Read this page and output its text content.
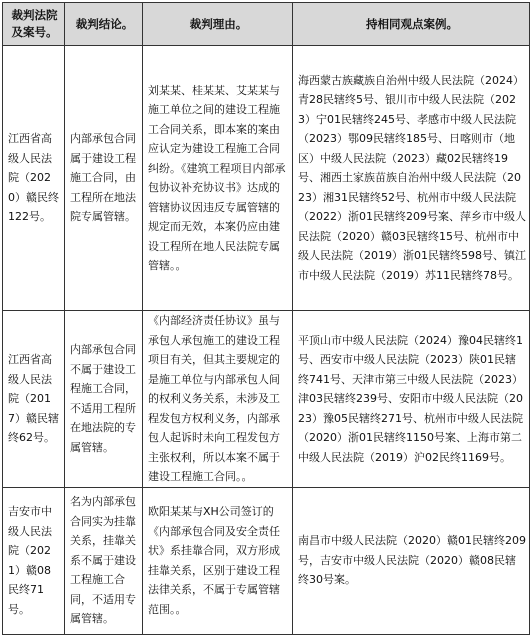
裁判法院及案号。	裁判结论。	裁判理由。	持相同观点案例。
江西省高级人民法院（2020）赣民终122号。	内部承包合同属于建设工程施工合同，由工程所在地法院专属管辖。	刘某某、桂某某、艾某某与施工单位之间的建设工程施工合同关系，即本案的案由应认定为建设工程施工合同纠纷。《建筑工程项目内部承包协议补充协议书》达成的管辖协议因违反专属管辖的规定而无效，本案仍应由建设工程所在地人民法院专属管辖。。	海西蒙古族藏族自治州中级人民法院（2024）青28民辖终5号、银川市中级人民法院（2023）宁01民辖终245号、孝感市中级人民法院（2023）鄂09民辖终185号、日喀则市（地区）中级人民法院（2023）藏02民辖终19号、湘西土家族苗族自治州中级人民法院（2023）湘31民辖终52号、杭州市中级人民法院（2022）浙01民辖终209号案、萍乡市中级人民法院（2020）赣03民辖终15号、杭州市中级人民法院（2019）浙01民辖终598号、镇江市中级人民法院（2019）苏11民辖终78号。
江西省高级人民法院（2017）赣民辖终62号。	内部承包合同不属于建设工程施工合同，不适用工程所在地法院的专属管辖。	《内部经济责任协议》虽与承包人承包施工的建设工程项目有关，但其主要规定的是施工单位与内部承包人间的权利义务关系，未涉及工程发包方权利义务，内部承包人起诉时未向工程发包方主张权利，所以本案不属于建设工程施工合同。。	平顶山市中级人民法院（2024）豫04民辖终1号、西安市中级人民法院（2023）陕01民辖终741号、天津市第三中级人民法院（2023）津03民辖终239号、安阳市中级人民法院（2023）豫05民辖终271号、杭州市中级人民法院（2020）浙01民辖终1150号案、上海市第二中级人民法院（2019）沪02民终1169号。
吉安市中级人民法院（2021）赣08民终71号。	名为内部承包合同实为挂靠关系，挂靠关系不属于建设工程施工合同，不适用专属管辖。	欧阳某某与XH公司签订的《内部承包合同及安全责任状》系挂靠合同，双方形成挂靠关系，区别于建设工程法律关系，不属于专属管辖范围。。	南昌市中级人民法院（2020）赣01民辖终209号，吉安市中级人民法院（2020）赣08民辖终30号案。
